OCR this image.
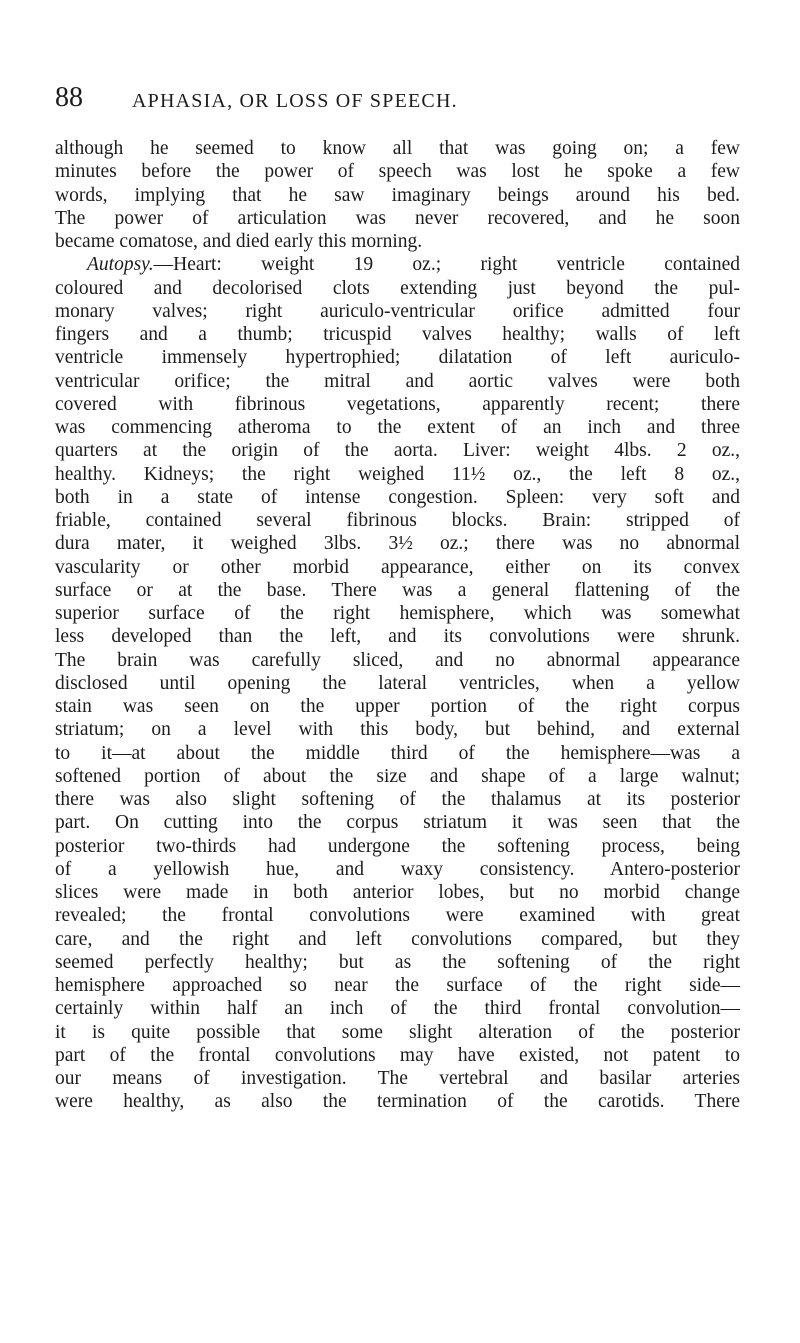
88 APHASIA, OR LOSS OF SPEECH.
although he seemed to know all that was going on; a few
minutes before the power of speech was lost he spoke a few
words, implying that he saw imaginary beings around his bed.
The power of articulation was never recovered, and he soon
became comatose, and died early this morning.
Autopsy.—Heart: weight 19 oz.; right ventricle contained
coloured and decolorised clots extending just beyond the pul-
monary valves; right auriculo-ventricular orifice admitted four
fingers and a thumb; tricuspid valves healthy; walls of left
ventricle immensely hypertrophied; dilatation of left auriculo-
ventricular orifice; the mitral and aortic valves were both
covered with fibrinous vegetations, apparently recent; there
was commencing atheroma to the extent of an inch and three
quarters at the origin of the aorta. Liver: weight 4lbs. 2 oz.,
healthy. Kidneys; the right weighed 11½ oz., the left 8 oz.,
both in a state of intense congestion. Spleen: very soft and
friable, contained several fibrinous blocks. Brain: stripped of
dura mater, it weighed 3lbs. 3½ oz.; there was no abnormal
vascularity or other morbid appearance, either on its convex
surface or at the base. There was a general flattening of the
superior surface of the right hemisphere, which was somewhat
less developed than the left, and its convolutions were shrunk.
The brain was carefully sliced, and no abnormal appearance
disclosed until opening the lateral ventricles, when a yellow
stain was seen on the upper portion of the right corpus
striatum; on a level with this body, but behind, and external
to it—at about the middle third of the hemisphere—was a
softened portion of about the size and shape of a large walnut;
there was also slight softening of the thalamus at its posterior
part. On cutting into the corpus striatum it was seen that the
posterior two-thirds had undergone the softening process, being
of a yellowish hue, and waxy consistency. Antero-posterior
slices were made in both anterior lobes, but no morbid change
revealed; the frontal convolutions were examined with great
care, and the right and left convolutions compared, but they
seemed perfectly healthy; but as the softening of the right
hemisphere approached so near the surface of the right side—
certainly within half an inch of the third frontal convolution—
it is quite possible that some slight alteration of the posterior
part of the frontal convolutions may have existed, not patent to
our means of investigation. The vertebral and basilar arteries
were healthy, as also the termination of the carotids. There
